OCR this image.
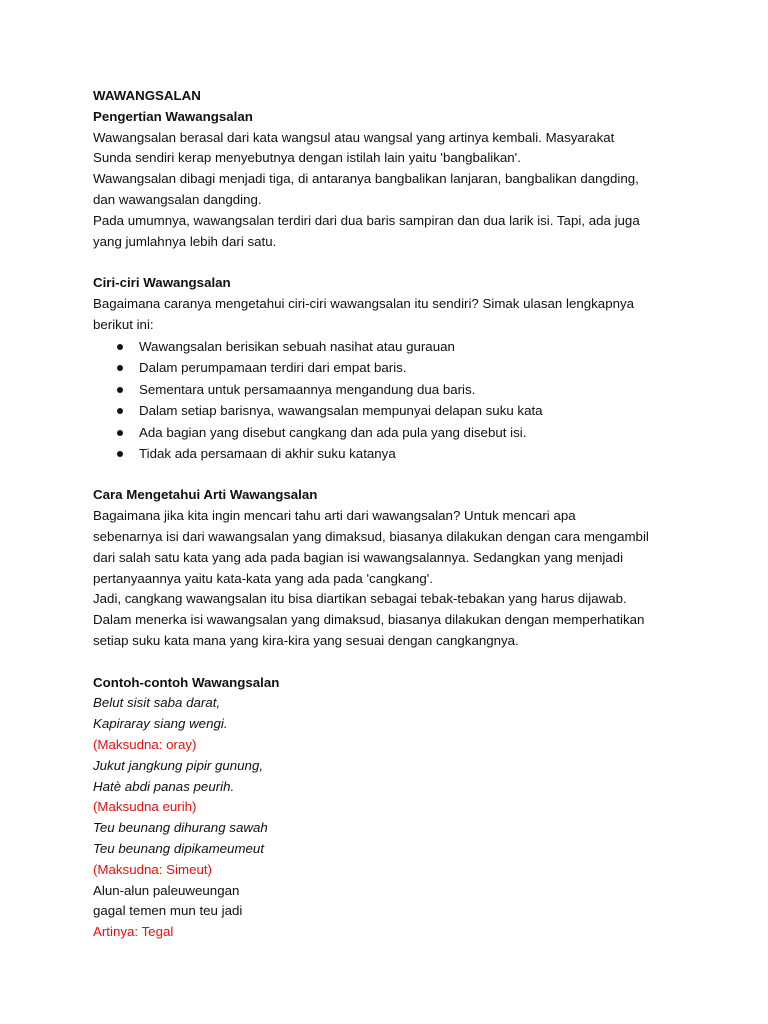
WAWANGSALAN

Pengertian Wawangsalan

Wawangsalan berasal dari kata wangsul atau wangsal yang artinya kembali. Masyarakat

Sunda sendiri kerap menyebutnya dengan istilah lain yaitu 'bangbalikan'.

Wawangsalan dibagi menjadi tiga, di antaranya bangbalikan lanjaran, bangbalikan dangding,

dan wawangsalan dangding.

Pada umumnya, wawangsalan terdiri dari dua baris sampiran dan dua larik isi. Tapi, ada juga

yang jumlahnya lebih dari satu.

Ciri-ciri Wawangsalan

Bagaimana caranya mengetahui ciri-ciri wawangsalan itu sendiri? Simak ulasan lengkapnya

berikut ini:

Wawangsalan berisikan sebuah nasihat atau gurauan
Dalam perumpamaan terdiri dari empat baris.
Sementara untuk persamaannya mengandung dua baris.
Dalam setiap barisnya, wawangsalan mempunyai delapan suku kata
Ada bagian yang disebut cangkang dan ada pula yang disebut isi.
Tidak ada persamaan di akhir suku katanya

Cara Mengetahui Arti Wawangsalan

Bagaimana jika kita ingin mencari tahu arti dari wawangsalan? Untuk mencari apa

sebenarnya isi dari wawangsalan yang dimaksud, biasanya dilakukan dengan cara mengambil

dari salah satu kata yang ada pada bagian isi wawangsalannya. Sedangkan yang menjadi

pertanyaannya yaitu kata-kata yang ada pada 'cangkang'.

Jadi, cangkang wawangsalan itu bisa diartikan sebagai tebak-tebakan yang harus dijawab.

Dalam menerka isi wawangsalan yang dimaksud, biasanya dilakukan dengan memperhatikan

setiap suku kata mana yang kira-kira yang sesuai dengan cangkangnya.

Contoh-contoh Wawangsalan

Belut sisit saba darat,

Kapiraray siang wengi.

(Maksudna: oray)

Jukut jangkung pipir gunung,

Hatè abdi panas peurih.

(Maksudna eurih)

Teu beunang dihurang sawah

Teu beunang dipikameumeut

(Maksudna: Simeut)

Alun-alun paleuweungan

gagal temen mun teu jadi

Artinya: Tegal
